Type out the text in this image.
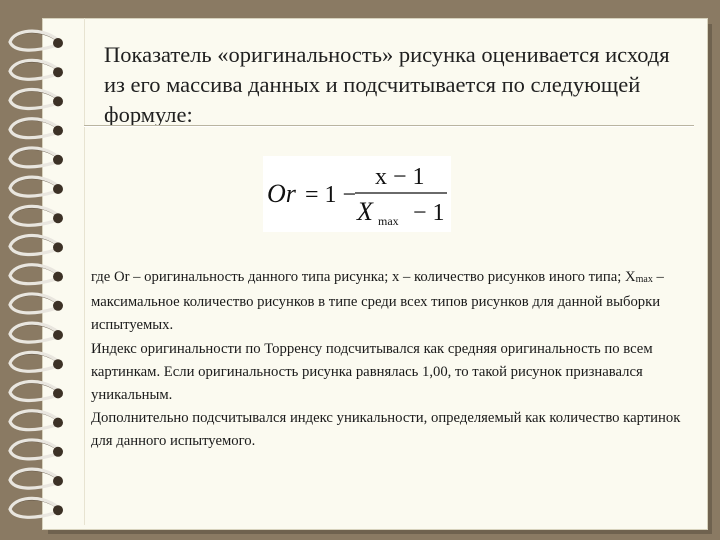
Показатель «оригинальность» рисунка оценивается исходя из его массива данных и подсчитывается по следующей формуле:
Or = 1 −
x − 1
X max − 1

где Or – оригинальность данного типа рисунка; x – количество рисунков иного типа; $X_{max}$ – максимальное количество рисунков в типе среди всех типов рисунков для данной выборки испытуемых.

Индекс оригинальности по Торренсу подсчитывался как средняя оригинальность по всем картинкам. Если оригинальность рисунка равнялась 1,00, то такой рисунок признавался уникальным.

Дополнительно подсчитывался индекс уникальности, определяемый как количество картинок для данного испытуемого.
